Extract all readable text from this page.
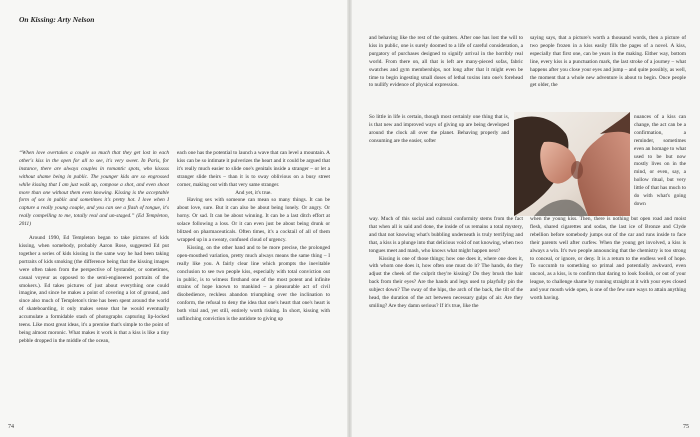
On Kissing: Arty Nelson

“When love overtakes a couple so much that they get lost in each other's kiss in the open for all to see, it's very sweet. In Paris, for instance, there are always couples in romantic spots, who kisssss without shame being in public. The younger kids are so engrossed while kissing that I am just walk up, compose a shot, and even shoot more than one without them even knowing. Kissing is the acceptable form of sex in public and sometimes it's pretty hot. I love when I capture a really young couple, and you can see a flash of tongue, it's really compelling to me, totally real and un-staged.” (Ed Templeton, 2011)

Around 1990, Ed Templeton began to take pictures of kids kissing, when somebody, probably Aaron Rose, suggested Ed put together a series of kids kissing in the same way he had been taking portraits of kids smoking (the difference being that the kissing images were often taken from the perspective of bystander, or sometimes, casual voyeur as opposed to the semi-engineered portraits of the smokers.). Ed takes pictures of just about everything one could imagine, and since he makes a point of covering a lot of ground, and since also much of Templeton's time has been spent around the world of skateboarding, it only makes sense that he would eventually accumulate a formidable stash of photographs capturing lip-locked teens. Like most great ideas, it's a premise that's simple to the point of being almost moronic. What makes it work is that a kiss is like a tiny pebble dropped in the middle of the ocean,

each one has the potential to launch a wave that can level a mountain. A kiss can be so intimate it pulverizes the heart and it could be argued that it's really much easier to slide one's genitals inside a stranger – or let a stranger slide theirs – than it is to sway oblivious on a busy street corner, making out with that very same stranger.

And yet, it's true.

Having sex with someone can mean so many things. It can be about love, sure. But it can also be about being lonely. Or angry. Or horny. Or sad. It can be about winning. It can be a last ditch effort at solace following a loss. Or it can even just be about being drunk or blitzed on pharmaceuticals. Often times, it's a cocktail of all of them wrapped up in a sweaty, confused cloud of urgency.

Kissing, on the other hand and to be more precise, the prolonged open-mouthed variation, pretty much always means the same thing – I really like you. A fairly clear line which prompts the inevitable conclusion to see two people kiss, especially with total conviction out in public, is to witness firsthand one of the most potent and infinite strains of hope known to mankind – a pleasurable act of civil disobedience, reckless abandon triumphing over the inclination to conform, the refusal to deny the idea that one's heart that one's heart is both vital and, yet still, entirely worth risking. In short, kissing with unflinching conviction is the antidote to giving up

74

and behaving like the rest of the quitters. After one has lost the will to kiss in public, one is surely doomed to a life of careful consideration, a purgatory of purchases designed to signify arrival in the horribly real world. From there on, all that is left are many-pieced sofas, fabric swatches and gym memberships, not long after that it might even be time to begin ingesting small doses of lethal toxins into one's forehead to nullify evidence of physical expression.

So little in life is certain, though most certainly one thing that is, is that new and improved ways of giving up are being developed around the clock all over the planet. Behaving properly and consuming are the easier, softer

way. Much of this social and cultural conformity stems from the fact that when all is said and done, the inside of us remains a total mystery, and that not knowing what's bubbling underneath is truly terrifying and that, a kiss is a plunge into that delicious void of not knowing, when two tongues meet and mash, who knows what might happen next?

Kissing is one of those things; how one does it, where one does it, with whom one does it, how often one must do it? The hands, do they adjust the cheek of the culprit they're kissing? Do they brush the hair back from their eyes? Are the hands and legs used to playfully pin the subject down? The sway of the hips, the arch of the back, the tilt of the head, the duration of the act between necessary gulps of air. Are they smiling? Are they damn serious? If it's true, like the

saying says, that a picture's worth a thousand words, then a picture of two people frozen in a kiss easily fills the pages of a novel. A kiss, especially that first one, can be years in the making. Either way, bottom line, every kiss is a punctuation mark, the last stroke of a journey – what happens after you close your eyes and jump – and quite possibly, as well, the moment that a whole new adventure is about to begin. Once people get older, the

nuances of a kiss can change, the act can be a confirmation, a reminder, sometimes even an homage to what used to be but now mostly lives on in the mind, or even, say, a hollow ritual, but very little of that has much to do with what's going down

when the young kiss. Then, there is nothing but open road and moist flesh, shared cigarettes and sodas, the last ice of Bronze and Clyde rebellion before somebody jumps out of the car and runs inside to face their parents well after curfew. When the young get involved, a kiss is always a win. It's two people announcing that the chemistry is too strong to conceal, or ignore, or deny. It is a return to the endless well of hope. To succumb to something so primal and potentially awkward, even uncool, as a kiss, is to confirm that daring to look foolish, or out of your league, to challenge shame by running straight at it with your eyes closed and your mouth wide open, is one of the few sure ways to attain anything worth having.

75
